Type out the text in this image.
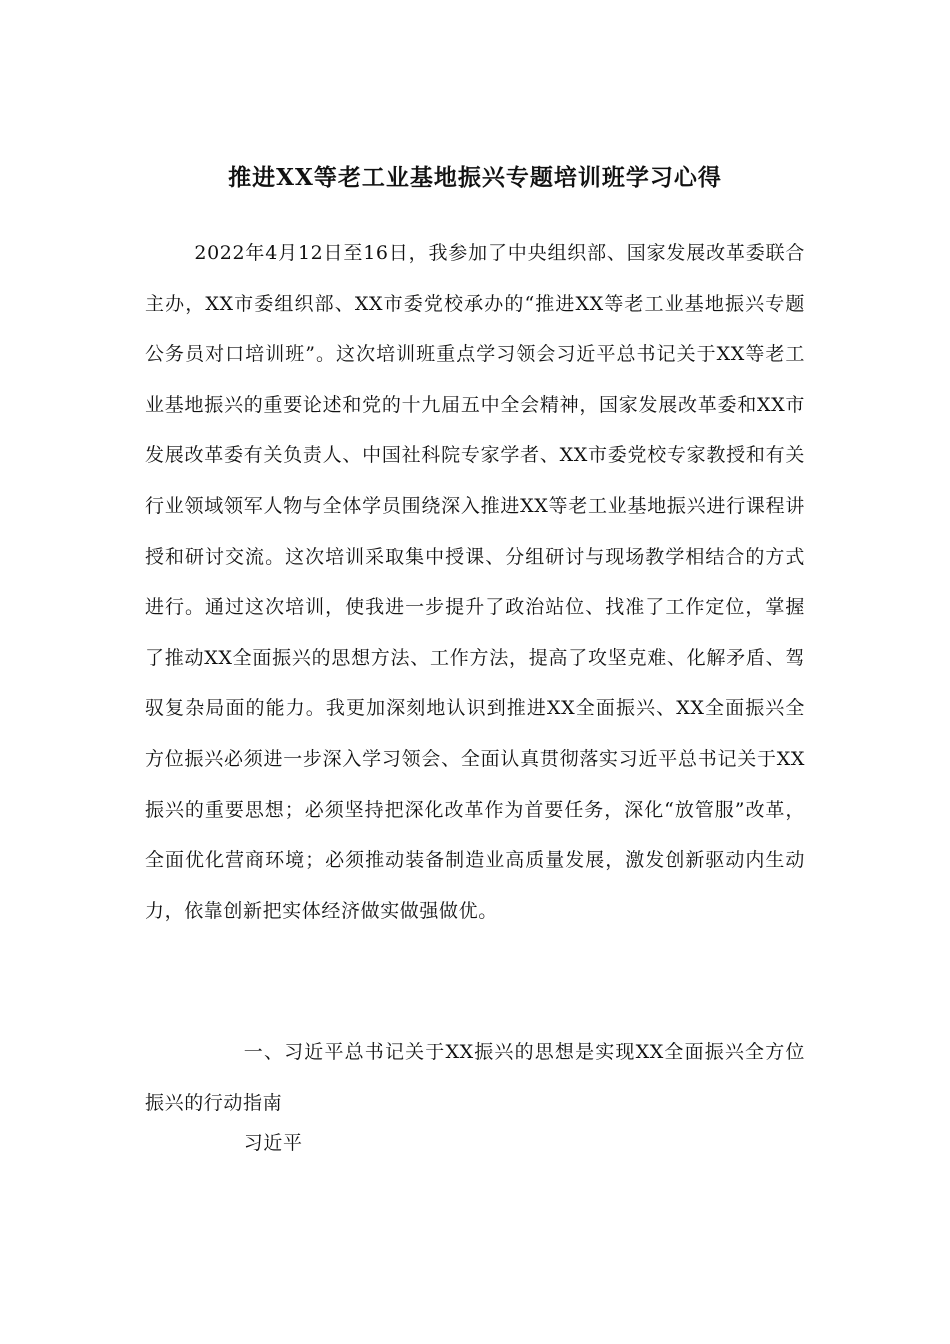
推进XX等老工业基地振兴专题培训班学习心得

2022年4月12日至16日，我参加了中央组织部、国家发展改革委联合主办，XX市委组织部、XX市委党校承办的“推进XX等老工业基地振兴专题公务员对口培训班”。这次培训班重点学习领会习近平总书记关于XX等老工业基地振兴的重要论述和党的十九届五中全会精神，国家发展改革委和XX市发展改革委有关负责人、中国社科院专家学者、XX市委党校专家教授和有关行业领域领军人物与全体学员围绕深入推进XX等老工业基地振兴进行课程讲授和研讨交流。这次培训采取集中授课、分组研讨与现场教学相结合的方式进行。通过这次培训，使我进一步提升了政治站位、找准了工作定位，掌握了推动XX全面振兴的思想方法、工作方法，提高了攻坚克难、化解矛盾、驾驭复杂局面的能力。我更加深刻地认识到推进XX全面振兴、XX全面振兴全方位振兴必须进一步深入学习领会、全面认真贯彻落实习近平总书记关于XX振兴的重要思想；必须坚持把深化改革作为首要任务，深化“放管服”改革，全面优化营商环境；必须推动装备制造业高质量发展，激发创新驱动内生动力，依靠创新把实体经济做实做强做优。

一、习近平总书记关于XX振兴的思想是实现XX全面振兴全方位振兴的行动指南

习近平
